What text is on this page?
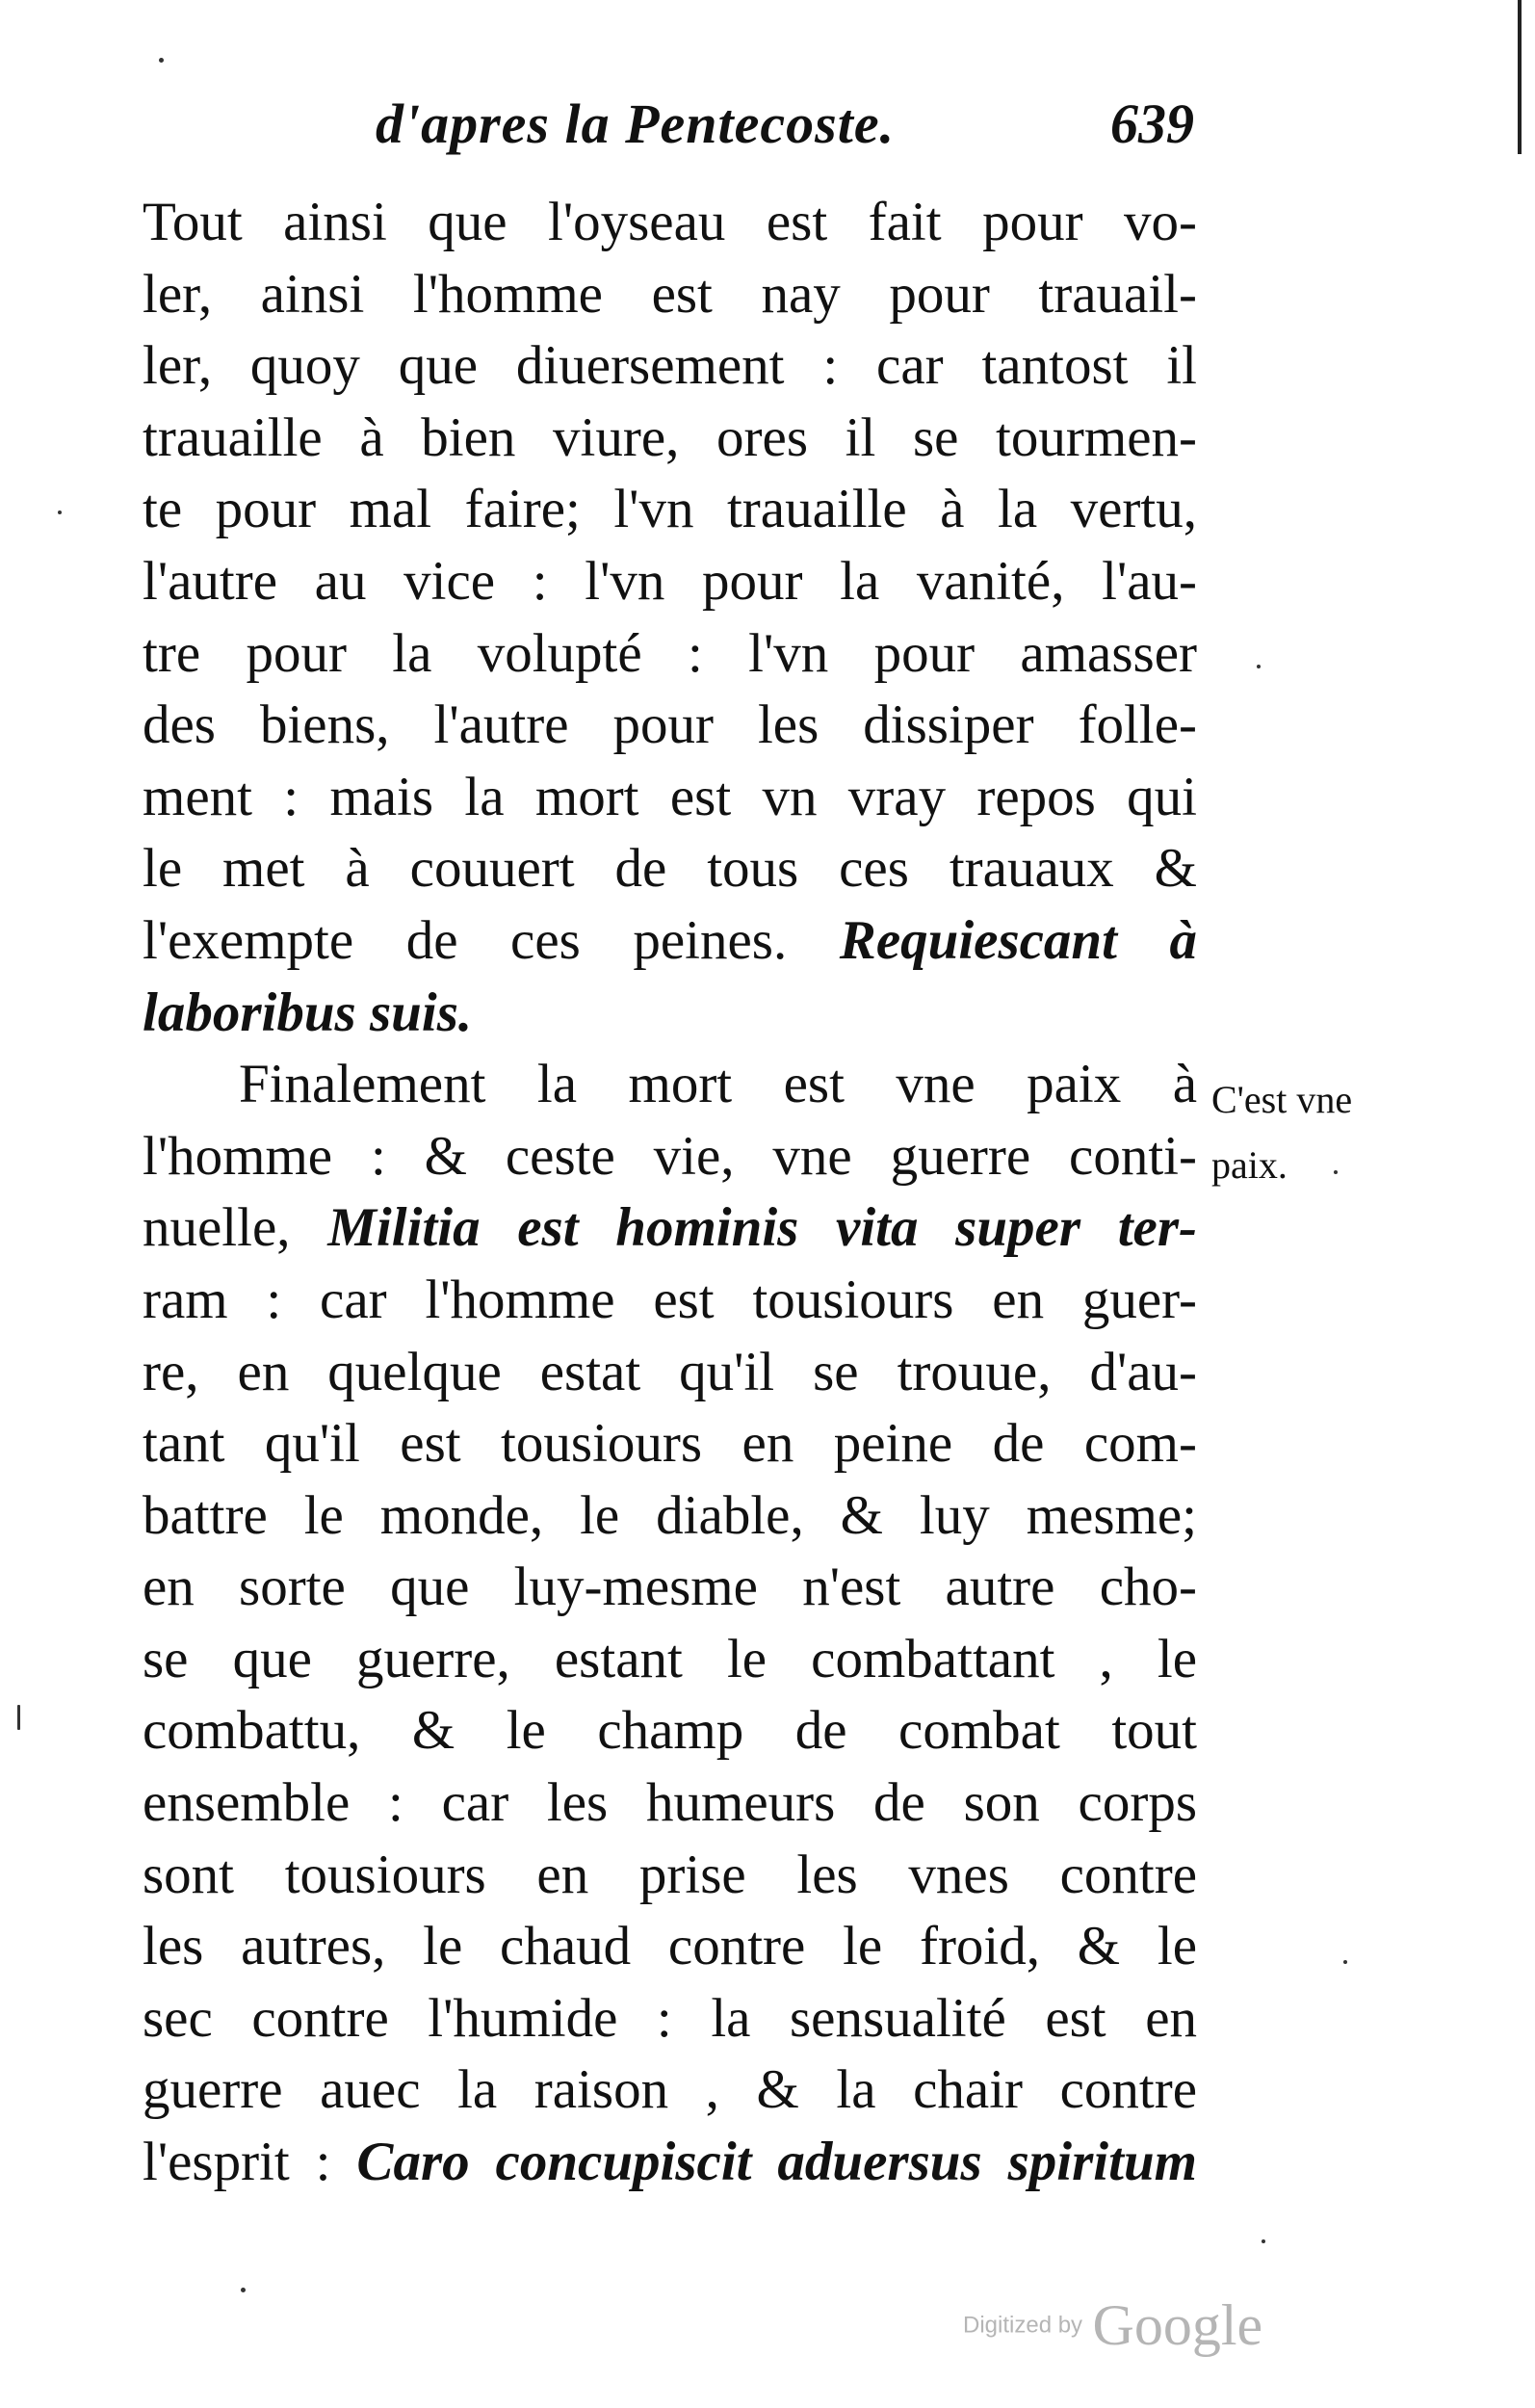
d'apres la Pentecoste.	639
Tout ainsi que l'oyseau est fait pour vo-
ler, ainsi l'homme est nay pour trauail-
ler, quoy que diuersement : car tantost il
trauaille à bien viure, ores il se tourmen-
te pour mal faire; l'vn trauaille à la vertu,
l'autre au vice : l'vn pour la vanité, l'au-
tre pour la volupté : l'vn pour amasser
des biens, l'autre pour les dissiper folle-
ment : mais la mort est vn vray repos qui
le met à couuert de tous ces trauaux &
l'exempte de ces peines. Requiescant à
laboribus suis.
Finalement la mort est vne paix à
l'homme : & ceste vie, vne guerre conti-
nuelle, Militia est hominis vita super ter-
ram : car l'homme est tousiours en guer-
re, en quelque estat qu'il se trouue, d'au-
tant qu'il est tousiours en peine de com-
battre le monde, le diable, & luy mesme;
en sorte que luy-mesme n'est autre cho-
se que guerre, estant le combattant , le
combattu, & le champ de combat tout
ensemble : car les humeurs de son corps
sont tousiours en prise les vnes contre
les autres, le chaud contre le froid, & le
sec contre l'humide : la sensualité est en
guerre auec la raison , & la chair contre
l'esprit : Caro concupiscit aduersus spiritum
C'est vne
paix.
Digitized by Google
